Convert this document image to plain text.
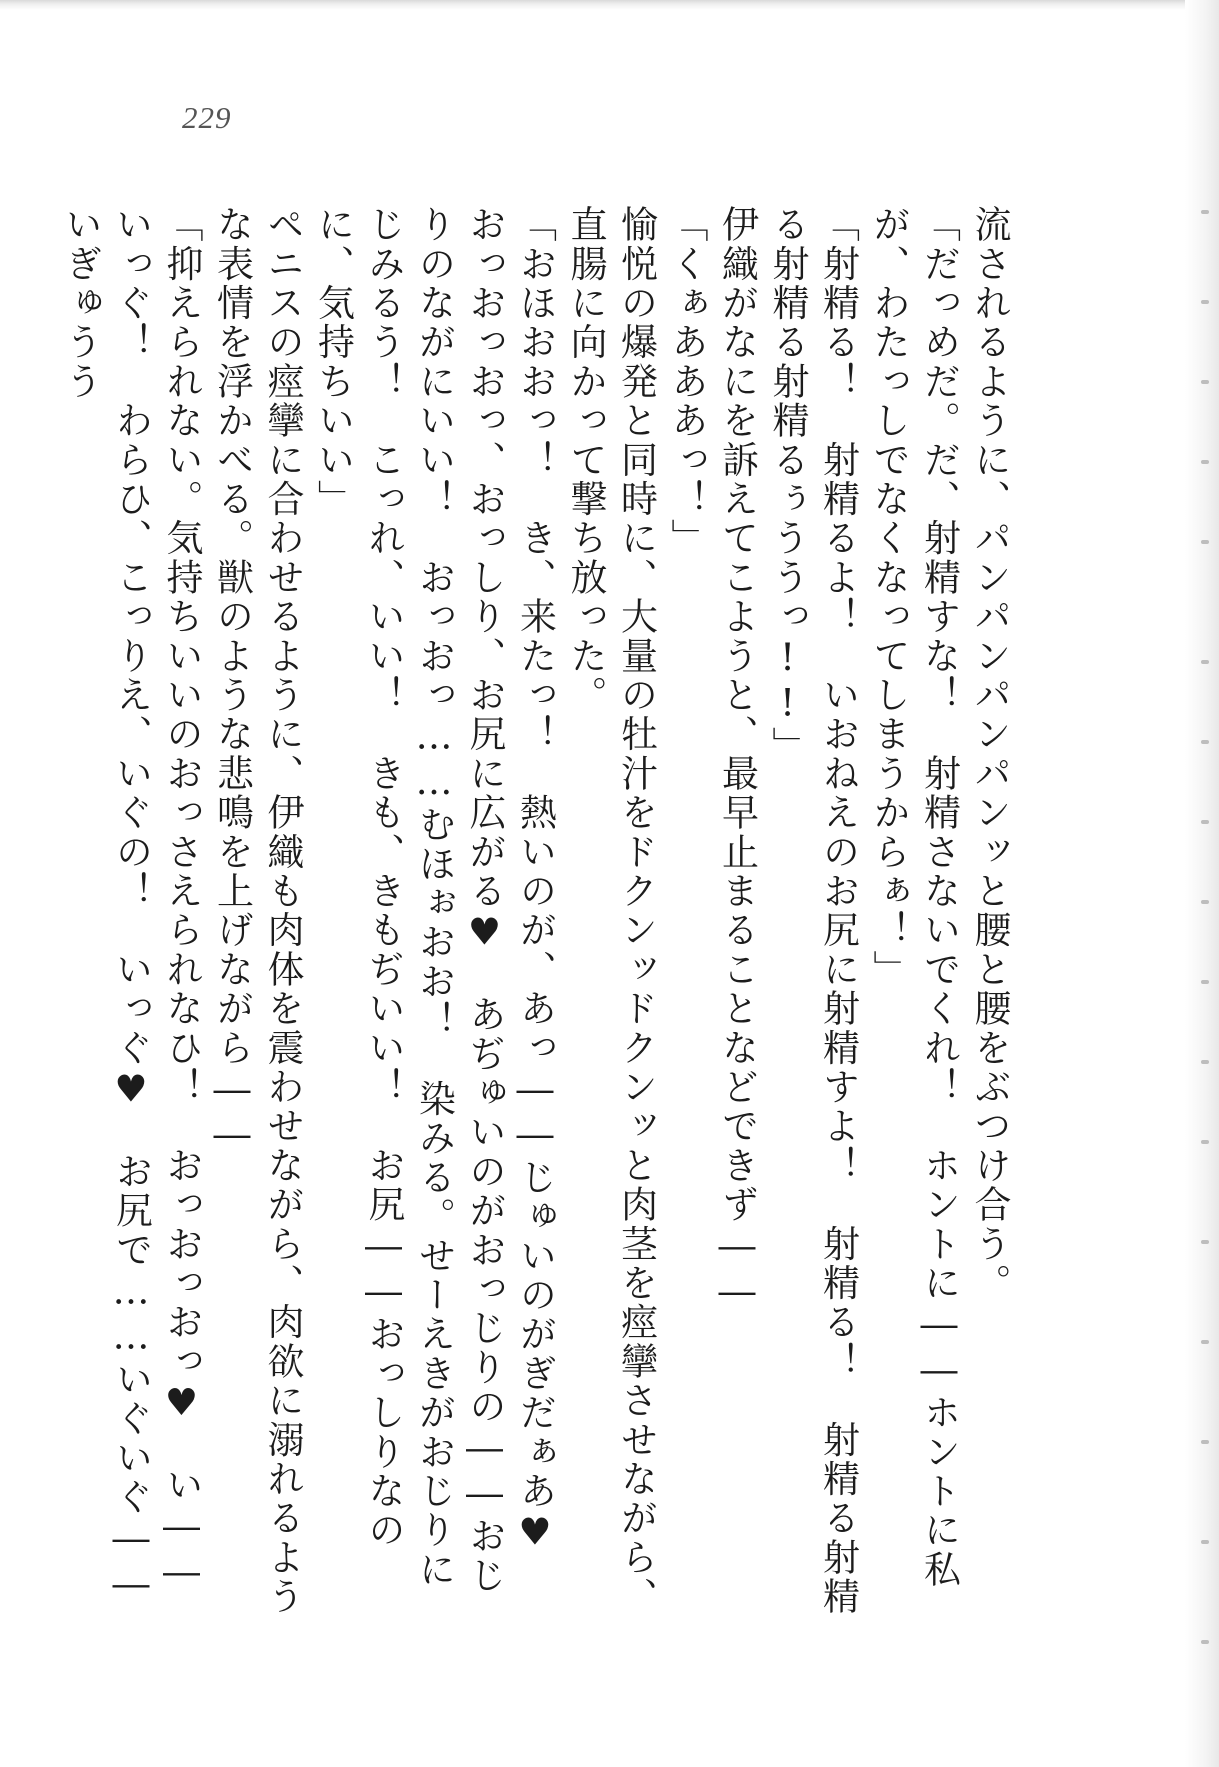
229
流されるように、パンパンパンパンッと腰と腰をぶつけ合う。
「だっめだ。だ、射精すな！　射精さないでくれ！　ホントに――ホントに私が、わたっしでなくなってしまうからぁ！」
「射精る！　射精るよ！　いおねえのお尻に射精すよ！　射精る！　射精る射精る射精る射精るぅううっ!!」
伊織がなにを訴えてこようと、最早止まることなどできず――
「くぁあああっ！」
愉悦の爆発と同時に、大量の牡汁をドクンッドクンッと肉茎を痙攣させながら、直腸に向かって撃ち放った。
「おほおおっ！　き、来たっ！　熱いのが、あっ――じゅいのがぎだぁあ♥　おっおっおっ、おっしり、お尻に広がる♥　あぢゅいのがおっじりの――おじりのながにいい！　おっおっ……むほぉおお！　染みる。せーえきがおじりにじみるう！　こっれ、いい！　きも、きもぢいい！　お尻――おっしりなのに、気持ちいい」
ペニスの痙攣に合わせるように、伊織も肉体を震わせながら、肉欲に溺れるような表情を浮かべる。獣のような悲鳴を上げながら――
「抑えられない。気持ちいいのおっさえられなひ！　おっおっおっ♥　い――いっぐ！　わらひ、こっりえ、いぐの！　いっぐ♥　お尻で……いぐいぐ――いぎゅうう
